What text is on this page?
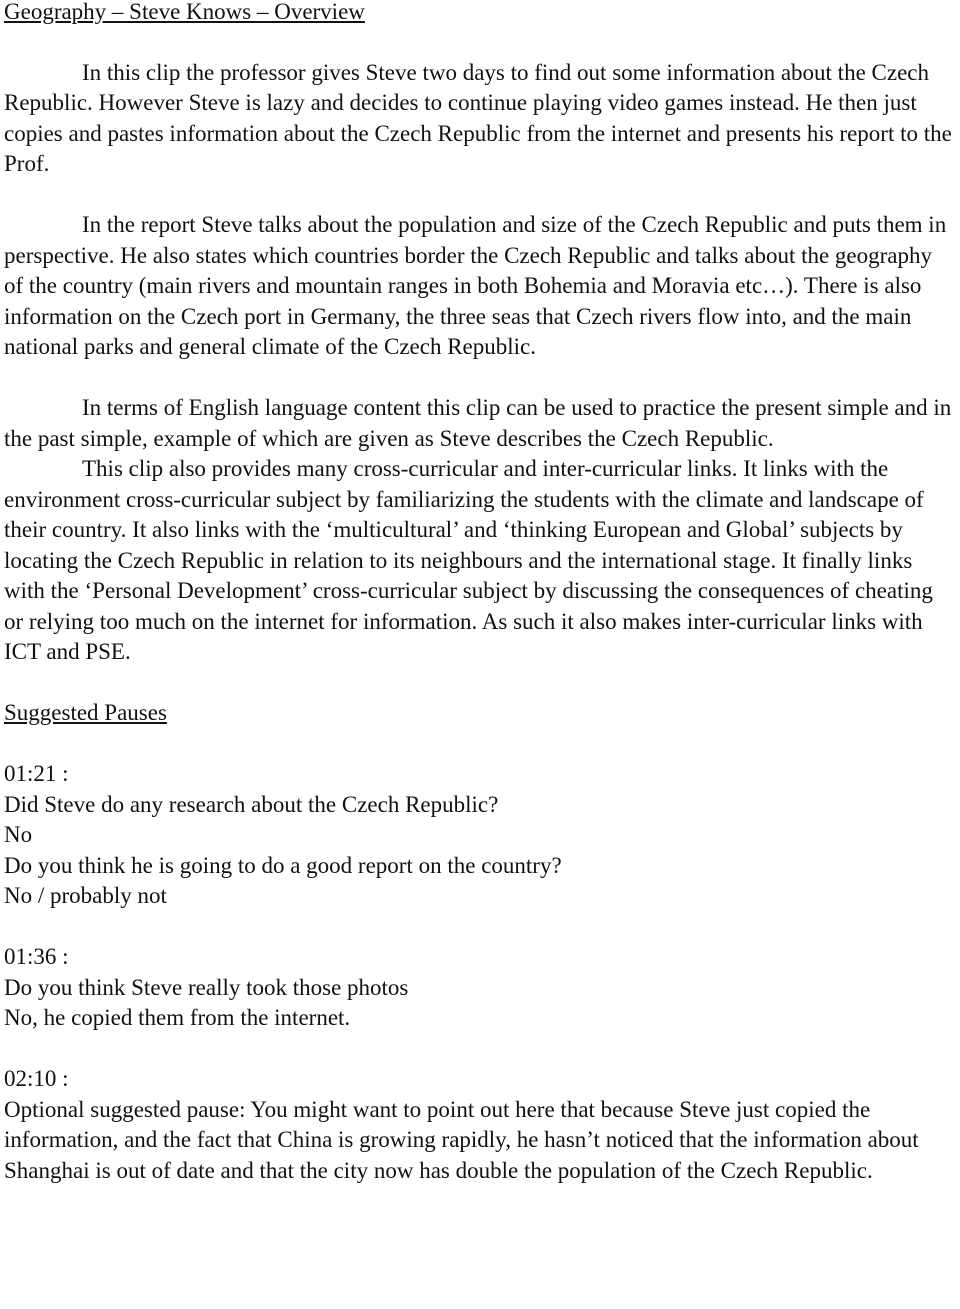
Geography – Steve Knows – Overview

In this clip the professor gives Steve two days to find out some information about the Czech Republic. However Steve is lazy and decides to continue playing video games instead. He then just copies and pastes information about the Czech Republic from the internet and presents his report to the Prof.

In the report Steve talks about the population and size of the Czech Republic and puts them in perspective. He also states which countries border the Czech Republic and talks about the geography of the country (main rivers and mountain ranges in both Bohemia and Moravia etc…). There is also information on the Czech port in Germany, the three seas that Czech rivers flow into, and the main national parks and general climate of the Czech Republic.

In terms of English language content this clip can be used to practice the present simple and in the past simple, example of which are given as Steve describes the Czech Republic.

This clip also provides many cross-curricular and inter-curricular links. It links with the environment cross-curricular subject by familiarizing the students with the climate and landscape of their country. It also links with the ‘multicultural’ and ‘thinking European and Global’ subjects by locating the Czech Republic in relation to its neighbours and the international stage. It finally links with the ‘Personal Development’ cross-curricular subject by discussing the consequences of cheating or relying too much on the internet for information. As such it also makes inter-curricular links with ICT and PSE.

Suggested Pauses

01:21 :
Did Steve do any research about the Czech Republic?
No
Do you think he is going to do a good report on the country?
No / probably not
01:36 :
Do you think Steve really took those photos
No, he copied them from the internet.
02:10 :
Optional suggested pause: You might want to point out here that because Steve just copied the information, and the fact that China is growing rapidly, he hasn’t noticed that the information about Shanghai is out of date and that the city now has double the population of the Czech Republic.
